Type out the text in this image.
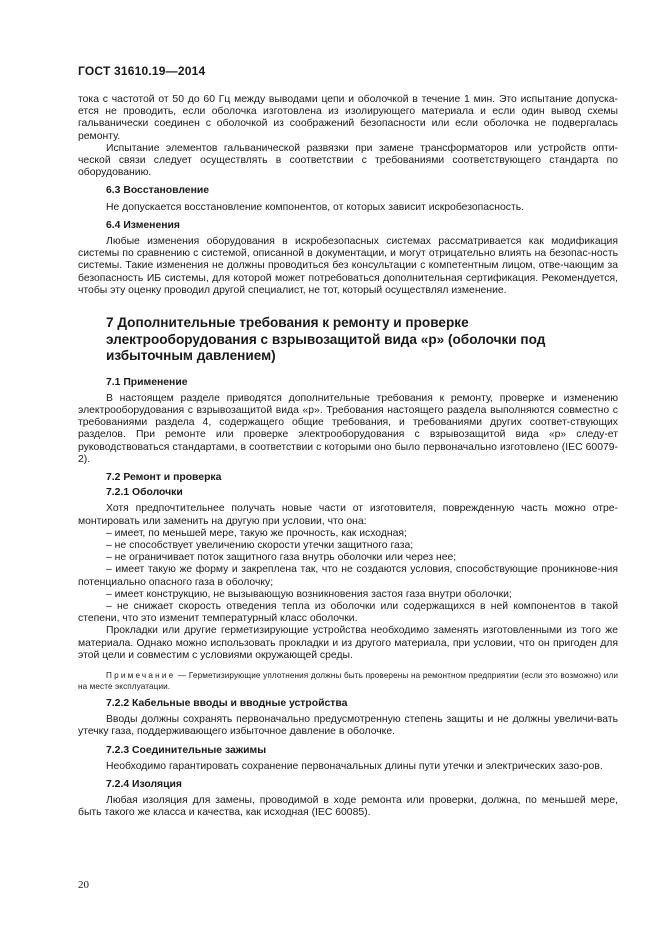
ГОСТ 31610.19—2014

тока с частотой от 50 до 60 Гц между выводами цепи и оболочкой в течение 1 мин. Это испытание допуска-ется не проводить, если оболочка изготовлена из изолирующего материала и если один вывод схемы гальванически соединен с оболочкой из соображений безопасности или если оболочка не подвергалась ремонту.

Испытание элементов гальванической развязки при замене трансформаторов или устройств опти-ческой связи следует осуществлять в соответствии с требованиями соответствующего стандарта по оборудованию.

6.3 Восстановление

Не допускается восстановление компонентов, от которых зависит искробезопасность.

6.4 Изменения

Любые изменения оборудования в искробезопасных системах рассматривается как модификация системы по сравнению с системой, описанной в документации, и могут отрицательно влиять на безопас-ность системы. Такие изменения не должны проводиться без консультации с компетентным лицом, отве-чающим за безопасность ИБ системы, для которой может потребоваться дополнительная сертификация. Рекомендуется, чтобы эту оценку проводил другой специалист, не тот, который осуществлял изменение.

7 Дополнительные требования к ремонту и проверке электрооборудования с взрывозащитой вида «р» (оболочки под избыточным давлением)

7.1 Применение

В настоящем разделе приводятся дополнительные требования к ремонту, проверке и изменению электрооборудования с взрывозащитой вида «р». Требования настоящего раздела выполняются совместно с требованиями раздела 4, содержащего общие требования, и требованиями других соответ-ствующих разделов. При ремонте или проверке электрооборудования с взрывозащитой вида «р» следу-ет руководствоваться стандартами, в соответствии с которыми оно было первоначально изготовлено (IEC 60079-2).

7.2 Ремонт и проверка

7.2.1 Оболочки

Хотя предпочтительнее получать новые части от изготовителя, поврежденную часть можно отре-монтировать или заменить на другую при условии, что она:

– имеет, по меньшей мере, такую же прочность, как исходная;

– не способствует увеличению скорости утечки защитного газа;

– не ограничивает поток защитного газа внутрь оболочки или через нее;

– имеет такую же форму и закреплена так, что не создаются условия, способствующие проникнове-ния потенциально опасного газа в оболочку;

– имеет конструкцию, не вызывающую возникновения застоя газа внутри оболочки;

– не снижает скорость отведения тепла из оболочки или содержащихся в ней компонентов в такой степени, что это изменит температурный класс оболочки.

Прокладки или другие герметизирующие устройства необходимо заменять изготовленными из того же материала. Однако можно использовать прокладки и из другого материала, при условии, что он пригоден для этой цели и совместим с условиями окружающей среды.

Примечание — Герметизирующие уплотнения должны быть проверены на ремонтном предприятии (если это возможно) или на месте эксплуатации.

7.2.2 Кабельные вводы и вводные устройства

Вводы должны сохранять первоначально предусмотренную степень защиты и не должны увеличи-вать утечку газа, поддерживающего избыточное давление в оболочке.

7.2.3 Соединительные зажимы

Необходимо гарантировать сохранение первоначальных длины пути утечки и электрических зазо-ров.

7.2.4 Изоляция

Любая изоляция для замены, проводимой в ходе ремонта или проверки, должна, по меньшей мере, быть такого же класса и качества, как исходная (IEC 60085).

20
